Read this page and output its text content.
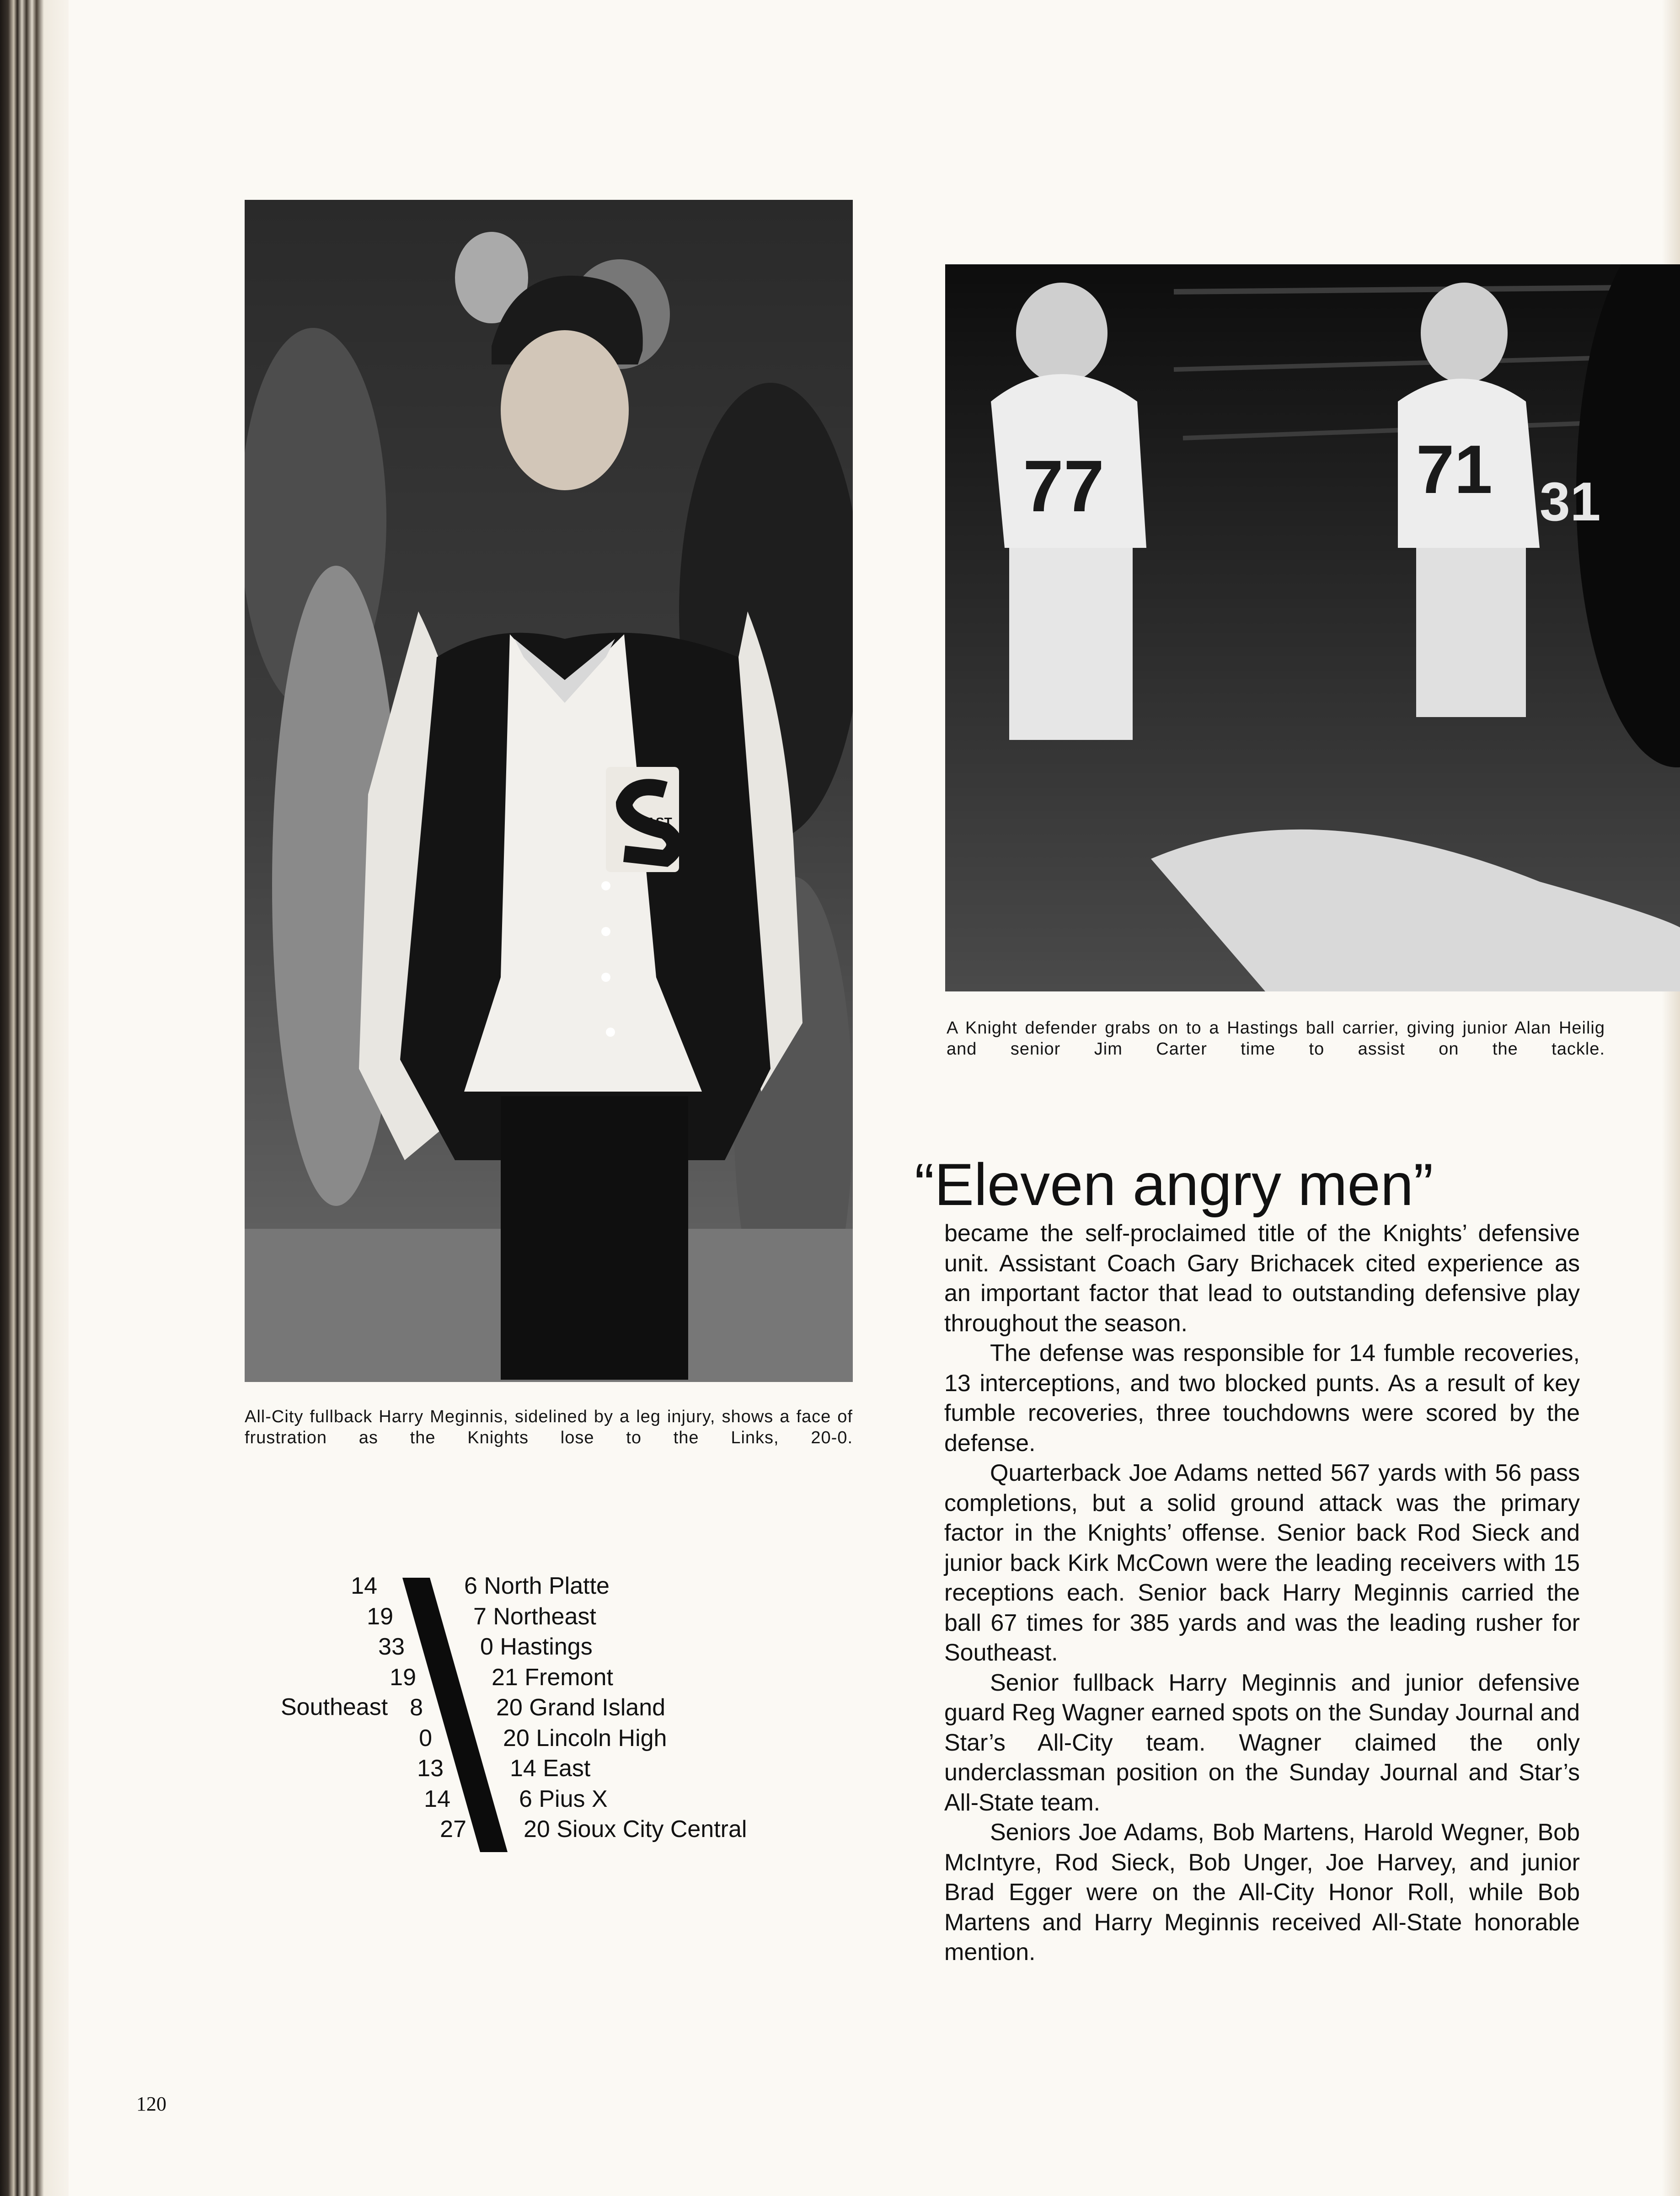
EAST
77	71 31
A Knight defender grabs on to a Hastings ball carrier, giving junior Alan Heilig and senior Jim Carter time to assist on the tackle.
All-City fullback Harry Meginnis, sidelined by a leg injury, shows a face of frustration as the Knights lose to the Links, 20-0.
“Eleven angry men”

became the self-proclaimed title of the Knights’ defensive unit. Assistant Coach Gary Brichacek cited experience as an important factor that lead to outstanding defensive play throughout the season.

The defense was responsible for 14 fumble recoveries, 13 interceptions, and two blocked punts. As a result of key fumble recoveries, three touchdowns were scored by the defense.

Quarterback Joe Adams netted 567 yards with 56 pass completions, but a solid ground attack was the primary factor in the Knights’ offense. Senior back Rod Sieck and junior back Kirk McCown were the leading receivers with 15 receptions each. Senior back Harry Meginnis carried the ball 67 times for 385 yards and was the leading rusher for Southeast.

Senior fullback Harry Meginnis and junior defensive guard Reg Wagner earned spots on the Sunday Journal and Star’s All-City team. Wagner claimed the only underclassman position on the Sunday Journal and Star’s All-State team.

Seniors Joe Adams, Bob Martens, Harold Wegner, Bob McIntyre, Rod Sieck, Bob Unger, Joe Harvey, and junior Brad Egger were on the All-City Honor Roll, while Bob Martens and Harry Meginnis received All-State honorable mention.

Southeast
14	6 North Platte
19	7 Northeast
33	0 Hastings
19	21 Fremont
8	20 Grand Island
0	20 Lincoln High
13	14 East
14	6 Pius X
27 20 Sioux City Central
120
